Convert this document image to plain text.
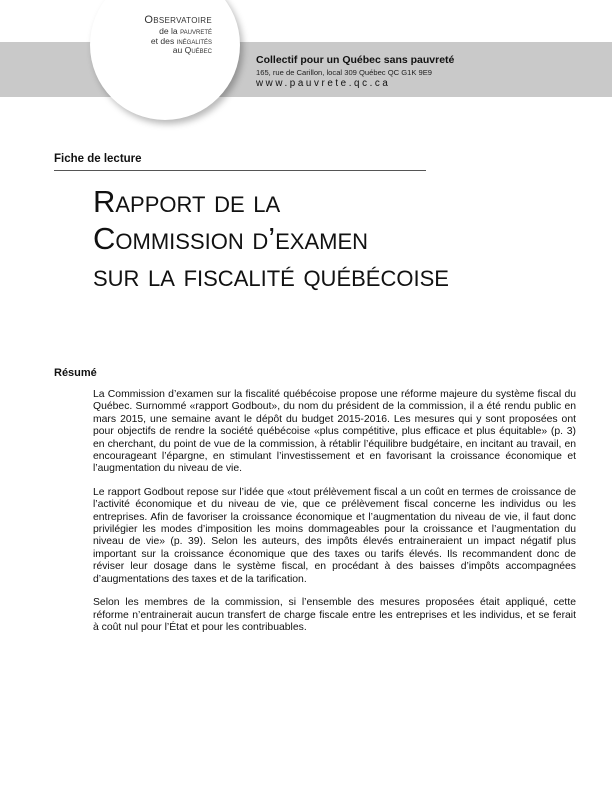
Observatoire
de la pauvreté
et des inégalités
au Québec
Collectif pour un Québec sans pauvreté
165, rue de Carillon, local 309 Québec QC G1K 9E9
www.pauvrete.qc.ca
Fiche de lecture
Rapport de la
Commission d’examen
sur la fiscalité québécoise
Résumé

La Commission d’examen sur la fiscalité québécoise propose une réforme majeure du système fiscal du Québec. Surnommé «rapport Godbout», du nom du président de la commission, il a été rendu public en mars 2015, une semaine avant le dépôt du budget 2015-2016. Les mesures qui y sont proposées ont pour objectifs de rendre la société québécoise «plus compétitive, plus efficace et plus équitable» (p. 3) en cherchant, du point de vue de la commission, à rétablir l’équilibre budgétaire, en incitant au travail, en encourageant l’épargne, en stimulant l’investissement et en favorisant la croissance économique et l’augmentation du niveau de vie.

Le rapport Godbout repose sur l’idée que «tout prélèvement fiscal a un coût en termes de croissance de l’activité économique et du niveau de vie, que ce prélèvement fiscal concerne les individus ou les entreprises. Afin de favoriser la croissance économique et l’augmentation du niveau de vie, il faut donc privilégier les modes d’imposition les moins dommageables pour la croissance et l’augmentation du niveau de vie» (p. 39). Selon les auteurs, des impôts élevés entraineraient un impact négatif plus important sur la croissance économique que des taxes ou tarifs élevés. Ils recommandent donc de réviser leur dosage dans le système fiscal, en procédant à des baisses d’impôts accompagnées d’augmentations des taxes et de la tarification.

Selon les membres de la commission, si l’ensemble des mesures proposées était appliqué, cette réforme n’entrainerait aucun transfert de charge fiscale entre les entreprises et les individus, et se ferait à coût nul pour l’État et pour les contribuables.
